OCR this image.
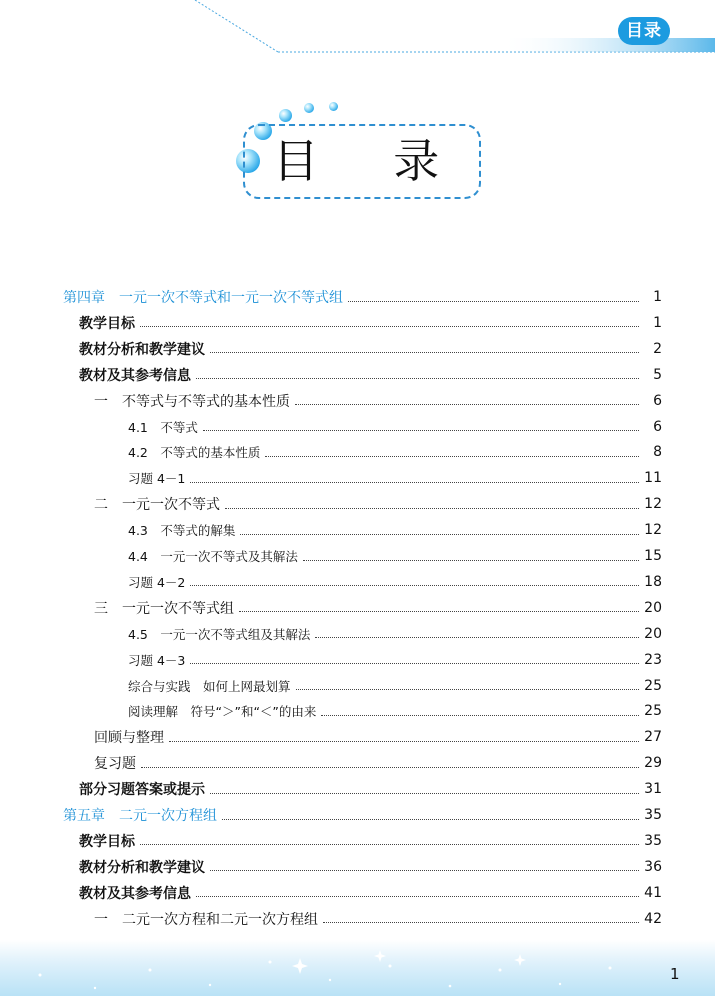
目录
目 录
第四章　一元一次不等式和一元一次不等式组	1
教学目标	1
教材分析和教学建议	2
教材及其参考信息	5
一　不等式与不等式的基本性质	6
4.1　不等式	6
4.2　不等式的基本性质	8
习题 4－1	11
二　一元一次不等式	12
4.3　不等式的解集	12
4.4　一元一次不等式及其解法	15
习题 4－2	18
三　一元一次不等式组	20
4.5　一元一次不等式组及其解法	20
习题 4－3	23
综合与实践　如何上网最划算	25
阅读理解　符号“＞”和“＜”的由来	25
回顾与整理	27
复习题	29
部分习题答案或提示	31
第五章　二元一次方程组	35
教学目标	35
教材分析和教学建议	36
教材及其参考信息	41
一　二元一次方程和二元一次方程组	42
1
